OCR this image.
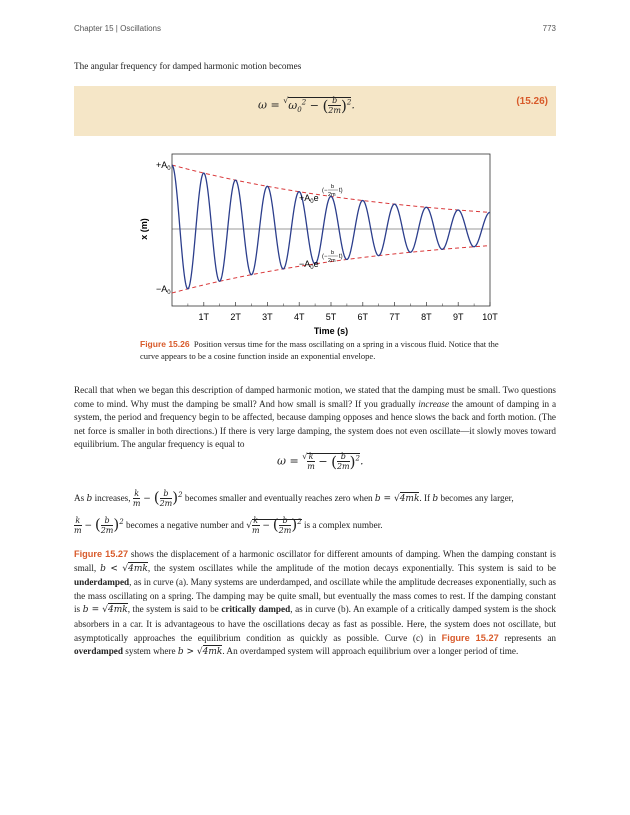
Chapter 15 | Oscillations	773
The angular frequency for damped harmonic motion becomes
$\omega = ^√\omega_0^2$ − ( $\frac{b}{2m} )^2$.	(15.26)
1T 2T 3T 4T 5T 6T 7T 8T 9T 10T
$+A_0$
$-A_0$
x (m)
Time (s)
$+A_0e$
(−
b
2m
t)
$-A_0e$
(−
b
2m
t)
Figure 15.26 Position versus time for the mass oscillating on a spring in a viscous fluid. Notice that the curve appears to be a cosine function inside an exponential envelope.
Recall that when we began this description of damped harmonic motion, we stated that the damping must be small. Two questions come to mind. Why must the damping be small? And how small is small? If you gradually increase the amount of damping in a system, the period and frequency begin to be affected, because damping opposes and hence slows the back and forth motion. (The net force is smaller in both directions.) If there is very large damping, the system does not even oscillate—it slowly moves toward equilibrium. The angular frequency is equal to
$\omega = ^√ \frac{k}{m}$ − ( $\frac{b}{2m} )^2$.
As b increases, $\frac{k}{m}$ − ( $\frac{b}{2m} )^2$ becomes smaller and eventually reaches zero when b = √4mk. If b becomes any larger,
$\frac{k}{m}$ − ( $\frac{b}{2m} )^2$ becomes a negative number and √ $\frac{k}{m}$ − ( $\frac{b}{2m} )^2$ is a complex number.
Figure 15.27 shows the displacement of a harmonic oscillator for different amounts of damping. When the damping constant is small, b < √4mk, the system oscillates while the amplitude of the motion decays exponentially. This system is said to be underdamped, as in curve (a). Many systems are underdamped, and oscillate while the amplitude decreases exponentially, such as the mass oscillating on a spring. The damping may be quite small, but eventually the mass comes to rest. If the damping constant is b = √4mk, the system is said to be critically damped, as in curve (b). An example of a critically damped system is the shock absorbers in a car. It is advantageous to have the oscillations decay as fast as possible. Here, the system does not oscillate, but asymptotically approaches the equilibrium condition as quickly as possible. Curve (c) in Figure 15.27 represents an overdamped system where b > √4mk. An overdamped system will approach equilibrium over a longer period of time.
